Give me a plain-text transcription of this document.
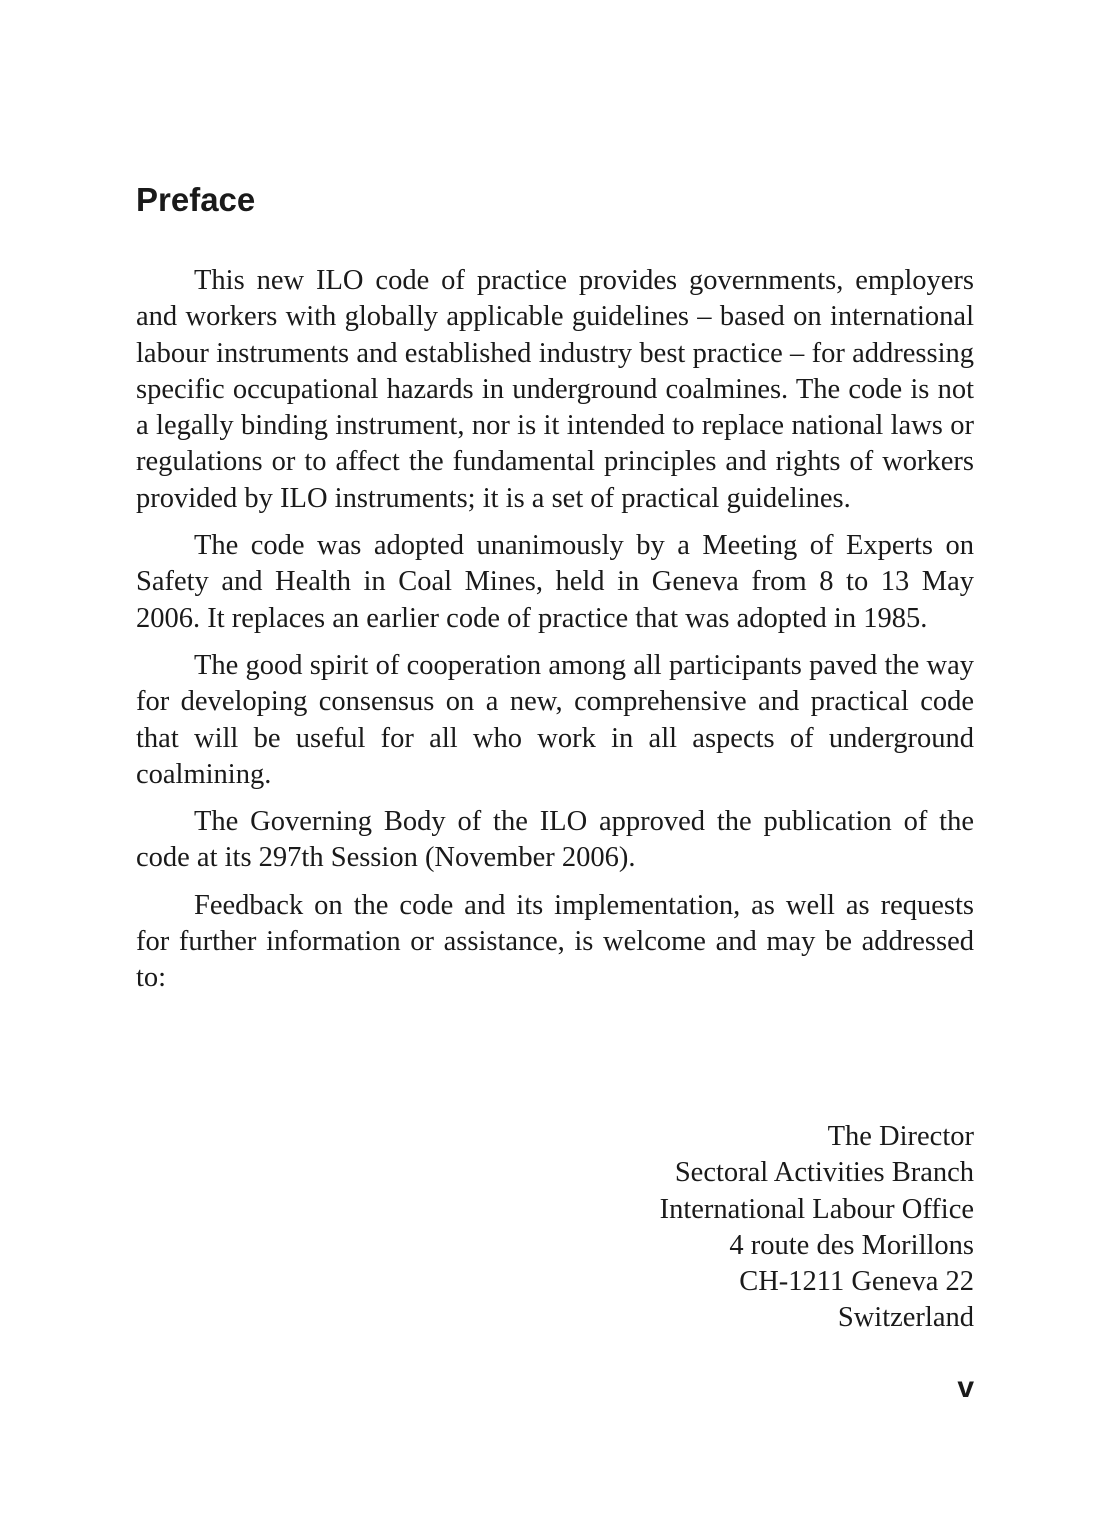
Preface

This new ILO code of practice provides governments, employers and workers with globally applicable guidelines – based on international labour instruments and established industry best practice – for addressing specific occupational hazards in underground coalmines. The code is not a legally binding instrument, nor is it intended to replace national laws or regulations or to affect the fundamental principles and rights of workers provided by ILO instruments; it is a set of practical guidelines.

The code was adopted unanimously by a Meeting of Experts on Safety and Health in Coal Mines, held in Geneva from 8 to 13 May 2006. It replaces an earlier code of practice that was adopted in 1985.

The good spirit of cooperation among all participants paved the way for developing consensus on a new, comprehensive and practical code that will be useful for all who work in all aspects of underground coalmining.

The Governing Body of the ILO approved the publication of the code at its 297th Session (November 2006).

Feedback on the code and its implementation, as well as requests for further information or assistance, is welcome and may be addressed to:

The Director
Sectoral Activities Branch
International Labour Office
4 route des Morillons
CH-1211 Geneva 22
Switzerland
v
